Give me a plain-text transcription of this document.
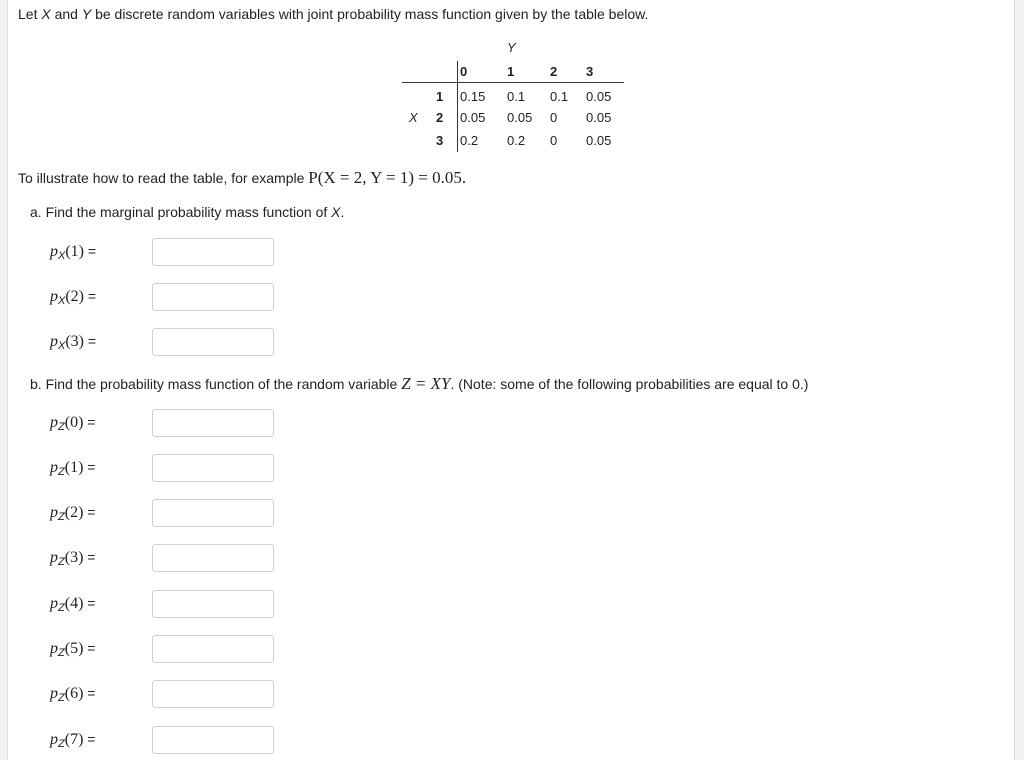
Let X and Y be discrete random variables with joint probability mass function given by the table below.
Y
X
0	1	2 3
1 0.15 0.1 0.1 0.05
2 0.05 0.05 0 0.05
3 0.2 0.2 0 0.05
To illustrate how to read the table, for example P(X = 2, Y = 1) = 0.05.
a. Find the marginal probability mass function of X.
$p_X(1)$ =
$p_X(2)$ =
$p_X(3)$ =
b. Find the probability mass function of the random variable Z = XY. (Note: some of the following probabilities are equal to 0.)
$p_Z(0)$ =
$p_Z(1)$ =
$p_Z(2)$ =
$p_Z(3)$ =
$p_Z(4)$ =
$p_Z(5)$ =
$p_Z(6)$ =
$p_Z(7)$ =
